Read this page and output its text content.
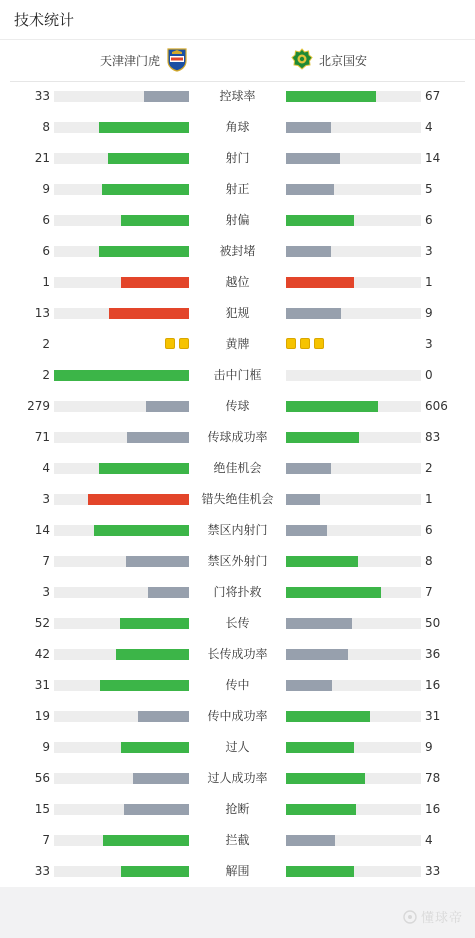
技术统计
天津津门虎	北京国安
33	控球率	67
8	角球	4
21	射门	14
9	射正	5
6	射偏	6
6	被封堵	3
1	越位	1
13	犯规	9
2	黄牌	3
2	击中门框	0
279	传球	606
71	传球成功率	83
4	绝佳机会	2
3	错失绝佳机会	1
14	禁区内射门	6
7	禁区外射门	8
3	门将扑救	7
52	长传	50
42	长传成功率	36
31	传中	16
19	传中成功率	31
9	过人	9
56	过人成功率	78
15	抢断	16
7	拦截	4
33	解围	33
懂球帝
